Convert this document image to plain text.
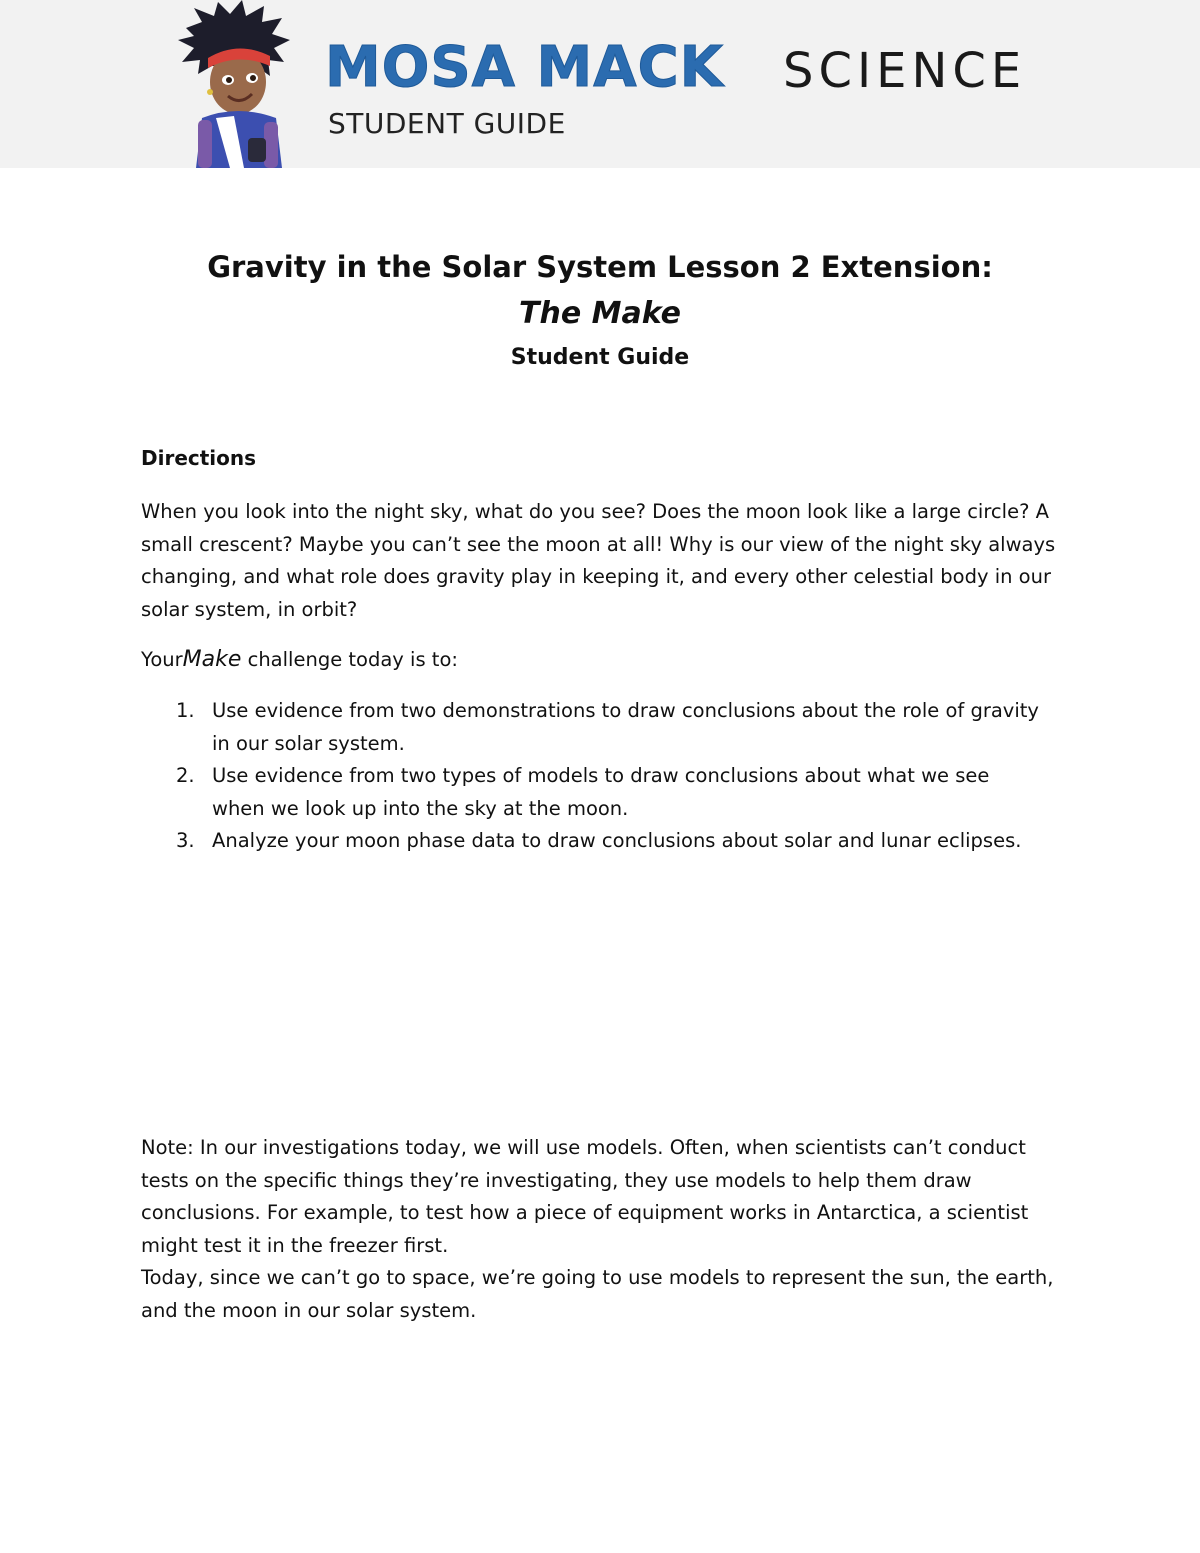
MOSA MACK SCIENCE
STUDENT GUIDE
Gravity in the Solar System Lesson 2 Extension:
The Make
Student Guide
Directions

When you look into the night sky, what do you see? Does the moon look like a large circle? A small crescent? Maybe you can’t see the moon at all! Why is our view of the night sky always changing, and what role does gravity play in keeping it, and every other celestial body in our solar system, in orbit?

YourMake challenge today is to:

1. Use evidence from two demonstrations to draw conclusions about the role of gravity in our solar system.
2. Use evidence from two types of models to draw conclusions about what we see when we look up into the sky at the moon.
3. Analyze your moon phase data to draw conclusions about solar and lunar eclipses.

Note: In our investigations today, we will use models. Often, when scientists can’t conduct tests on the specific things they’re investigating, they use models to help them draw conclusions. For example, to test how a piece of equipment works in Antarctica, a scientist might test it in the freezer first.

Today, since we can’t go to space, we’re going to use models to represent the sun, the earth, and the moon in our solar system.
